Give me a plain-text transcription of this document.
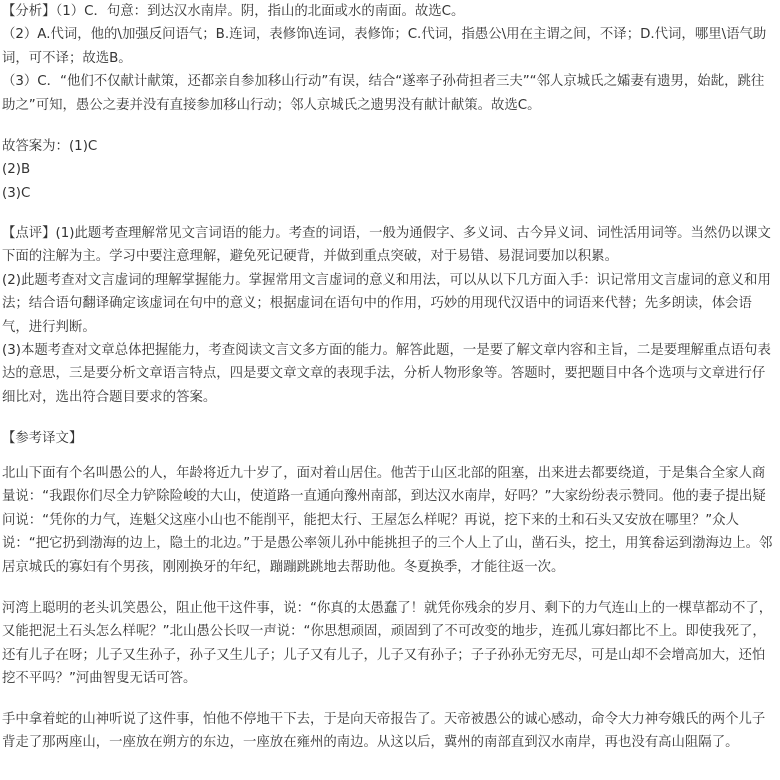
【分析】（1）C．句意：到达汉水南岸。阴，指山的北面或水的南面。故选C。

（2）A.代词，他的\加强反问语气；B.连词，表修饰\连词，表修饰；C.代词，指愚公\用在主谓之间，不译；D.代词，哪里\语气助词，可不译；故选B。

（3）C．“他们不仅献计献策，还都亲自参加移山行动”有误，结合“遂率子孙荷担者三夫”“邻人京城氏之孀妻有遗男，始龀，跳往助之”可知，愚公之妻并没有直接参加移山行动；邻人京城氏之遗男没有献计献策。故选C。

故答案为：(1)C

(2)B

(3)C

【点评】(1)此题考查理解常见文言词语的能力。考查的词语，一般为通假字、多义词、古今异义词、词性活用词等。当然仍以课文下面的注解为主。学习中要注意理解，避免死记硬背，并做到重点突破，对于易错、易混词要加以积累。

(2)此题考查对文言虚词的理解掌握能力。掌握常用文言虚词的意义和用法，可以从以下几方面入手：识记常用文言虚词的意义和用法；结合语句翻译确定该虚词在句中的意义；根据虚词在语句中的作用，巧妙的用现代汉语中的词语来代替；先多朗读，体会语气，进行判断。

(3)本题考查对文章总体把握能力，考查阅读文言文多方面的能力。解答此题，一是要了解文章内容和主旨，二是要理解重点语句表达的意思，三是要分析文章语言特点，四是要文章文章的表现手法，分析人物形象等。答题时，要把题目中各个选项与文章进行仔细比对，选出符合题目要求的答案。

【参考译文】

北山下面有个名叫愚公的人，年龄将近九十岁了，面对着山居住。他苦于山区北部的阻塞，出来进去都要绕道，于是集合全家人商量说：“我跟你们尽全力铲除险峻的大山，使道路一直通向豫州南部，到达汉水南岸，好吗？”大家纷纷表示赞同。他的妻子提出疑问说：“凭你的力气，连魁父这座小山也不能削平，能把太行、王屋怎么样呢？再说，挖下来的土和石头又安放在哪里？”众人说：“把它扔到渤海的边上，隐土的北边。”于是愚公率领儿孙中能挑担子的三个人上了山，凿石头，挖土，用箕畚运到渤海边上。邻居京城氏的寡妇有个男孩，刚刚换牙的年纪，蹦蹦跳跳地去帮助他。冬夏换季，才能往返一次。

河湾上聪明的老头讥笑愚公，阻止他干这件事，说：“你真的太愚蠢了！就凭你残余的岁月、剩下的力气连山上的一棵草都动不了，又能把泥土石头怎么样呢？”北山愚公长叹一声说：“你思想顽固，顽固到了不可改变的地步，连孤儿寡妇都比不上。即使我死了，还有儿子在呀；儿子又生孙子，孙子又生儿子；儿子又有儿子，儿子又有孙子；子子孙孙无穷无尽，可是山却不会增高加大，还怕挖不平吗？”河曲智叟无话可答。

手中拿着蛇的山神听说了这件事，怕他不停地干下去，于是向天帝报告了。天帝被愚公的诚心感动，命令大力神夸娥氏的两个儿子背走了那两座山，一座放在朔方的东边，一座放在雍州的南边。从这以后，冀州的南部直到汉水南岸，再也没有高山阻隔了。
